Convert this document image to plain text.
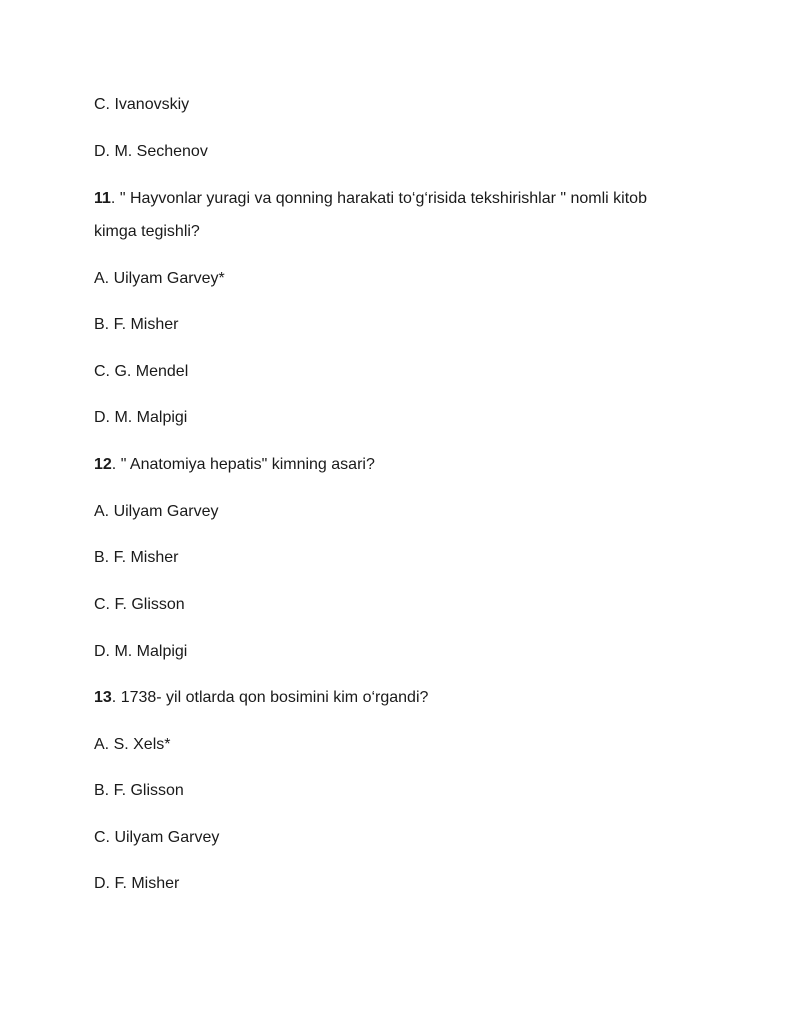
C. Ivanovskiy
D. M. Sechenov
11. " Hayvonlar yuragi va qonning harakati to‘g‘risida tekshirishlar " nomli kitob
kimga tegishli?
A. Uilyam Garvey*
B. F. Misher
C. G. Mendel
D. M. Malpigi
12. " Anatomiya hepatis" kimning asari?
A. Uilyam Garvey
B. F. Misher
C. F. Glisson
D. M. Malpigi
13. 1738- yil otlarda qon bosimini kim o‘rgandi?
A. S. Xels*
B. F. Glisson
C. Uilyam Garvey
D. F. Misher
